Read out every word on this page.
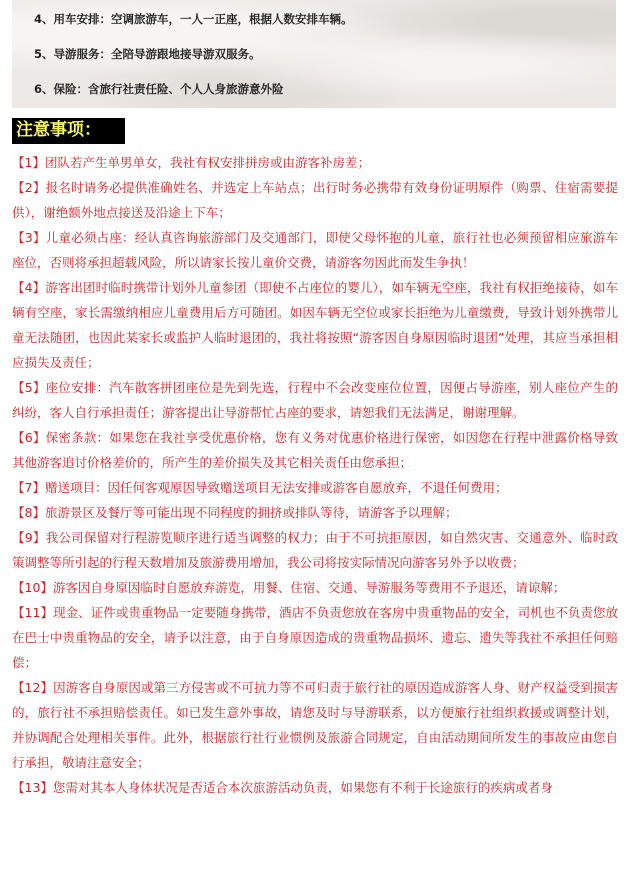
4、用车安排：空调旅游车，一人一正座，根据人数安排车辆。

5、导游服务：全陪导游跟地接导游双服务。

6、保险：含旅行社责任险、个人人身旅游意外险

注意事项：

【1】团队若产生单男单女，我社有权安排拼房或由游客补房差；

【2】报名时请务必提供准确姓名、并选定上车站点；出行时务必携带有效身份证明原件（购票、住宿需要提供），谢绝额外地点接送及沿途上下车；

【3】儿童必须占座：经认真咨询旅游部门及交通部门，即使父母怀抱的儿童，旅行社也必须预留相应旅游车座位，否则将承担超载风险，所以请家长按儿童价交费，请游客勿因此而发生争执！

【4】游客出团时临时携带计划外儿童参团（即使不占座位的婴儿），如车辆无空座，我社有权拒绝接待，如车辆有空座，家长需缴纳相应儿童费用后方可随团。如因车辆无空位或家长拒绝为儿童缴费，导致计划外携带儿童无法随团，也因此某家长或监护人临时退团的，我社将按照“游客因自身原因临时退团”处理，其应当承担相应损失及责任；

【5】座位安排：汽车散客拼团座位是先到先选，行程中不会改变座位位置，因便占导游座，别人座位产生的纠纷，客人自行承担责任；游客提出让导游帮忙占座的要求，请恕我们无法满足，谢谢理解。

【6】保密条款：如果您在我社享受优惠价格，您有义务对优惠价格进行保密，如因您在行程中泄露价格导致其他游客追讨价格差价的，所产生的差价损失及其它相关责任由您承担；

【7】赠送项目：因任何客观原因导致赠送项目无法安排或游客自愿放弃，不退任何费用；

【8】旅游景区及餐厅等可能出现不同程度的拥挤或排队等待，请游客予以理解；

【9】我公司保留对行程游览顺序进行适当调整的权力；由于不可抗拒原因，如自然灾害、交通意外、临时政策调整等所引起的行程天数增加及旅游费用增加，我公司将按实际情况向游客另外予以收费；

【10】游客因自身原因临时自愿放弃游览，用餐、住宿、交通、导游服务等费用不予退还，请谅解；

【11】现金、证件或贵重物品一定要随身携带，酒店不负责您放在客房中贵重物品的安全，司机也不负责您放在巴士中贵重物品的安全，请予以注意，由于自身原因造成的贵重物品损坏、遗忘、遗失等我社不承担任何赔偿；

【12】因游客自身原因或第三方侵害或不可抗力等不可归责于旅行社的原因造成游客人身、财产权益受到损害的，旅行社不承担赔偿责任。如已发生意外事故，请您及时与导游联系，以方便旅行社组织救援或调整计划，并协调配合处理相关事件。此外，根据旅行社行业惯例及旅游合同规定，自由活动期间所发生的事故应由您自行承担，敬请注意安全；

【13】您需对其本人身体状况是否适合本次旅游活动负责，如果您有不利于长途旅行的疾病或者身
